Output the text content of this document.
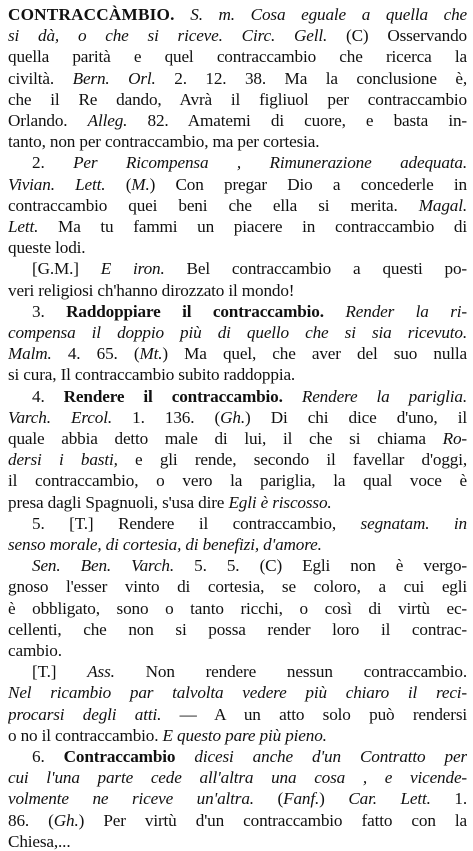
CONTRACCÀMBIO. S. m. Cosa eguale a quella che
si dà, o che si riceve. Circ. Gell. (C) Osservando
quella parità e quel contraccambio che ricerca la
civiltà. Bern. Orl. 2. 12. 38. Ma la conclusione è,
che il Re dando, Avrà il figliuol per contraccambio
Orlando. Alleg. 82. Amatemi di cuore, e basta in-
tanto, non per contraccambio, ma per cortesia.
2. Per Ricompensa , Rimunerazione adequata.
Vivian. Lett. (M.) Con pregar Dio a concederle in
contraccambio quei beni che ella si merita. Magal.
Lett. Ma tu fammi un piacere in contraccambio di
queste lodi.
[G.M.] E iron. Bel contraccambio a questi po-
veri religiosi ch'hanno dirozzato il mondo!
3. Raddoppiare il contraccambio. Render la ri-
compensa il doppio più di quello che si sia ricevuto.
Malm. 4. 65. (Mt.) Ma quel, che aver del suo nulla
si cura, Il contraccambio subito raddoppia.
4. Rendere il contraccambio. Rendere la pariglia.
Varch. Ercol. 1. 136. (Gh.) Di chi dice d'uno, il
quale abbia detto male di lui, il che si chiama Ro-
dersi i basti, e gli rende, secondo il favellar d'oggi,
il contraccambio, o vero la pariglia, la qual voce è
presa dagli Spagnuoli, s'usa dire Egli è riscosso.
5. [T.] Rendere il contraccambio, segnatam. in
senso morale, di cortesia, di benefizi, d'amore.
Sen. Ben. Varch. 5. 5. (C) Egli non è vergo-
gnoso l'esser vinto di cortesia, se coloro, a cui egli
è obbligato, sono o tanto ricchi, o così di virtù ec-
cellenti, che non si possa render loro il contrac-
cambio.
[T.] Ass. Non rendere nessun contraccambio.
Nel ricambio par talvolta vedere più chiaro il reci-
procarsi degli atti. — A un atto solo può rendersi
o no il contraccambio. E questo pare più pieno.
6. Contraccambio dicesi anche d'un Contratto per
cui l'una parte cede all'altra una cosa , e vicende-
volmente ne riceve un'altra. (Fanf.) Car. Lett. 1.
86. (Gh.) Per virtù d'un contraccambio fatto con la
Chiesa,...
